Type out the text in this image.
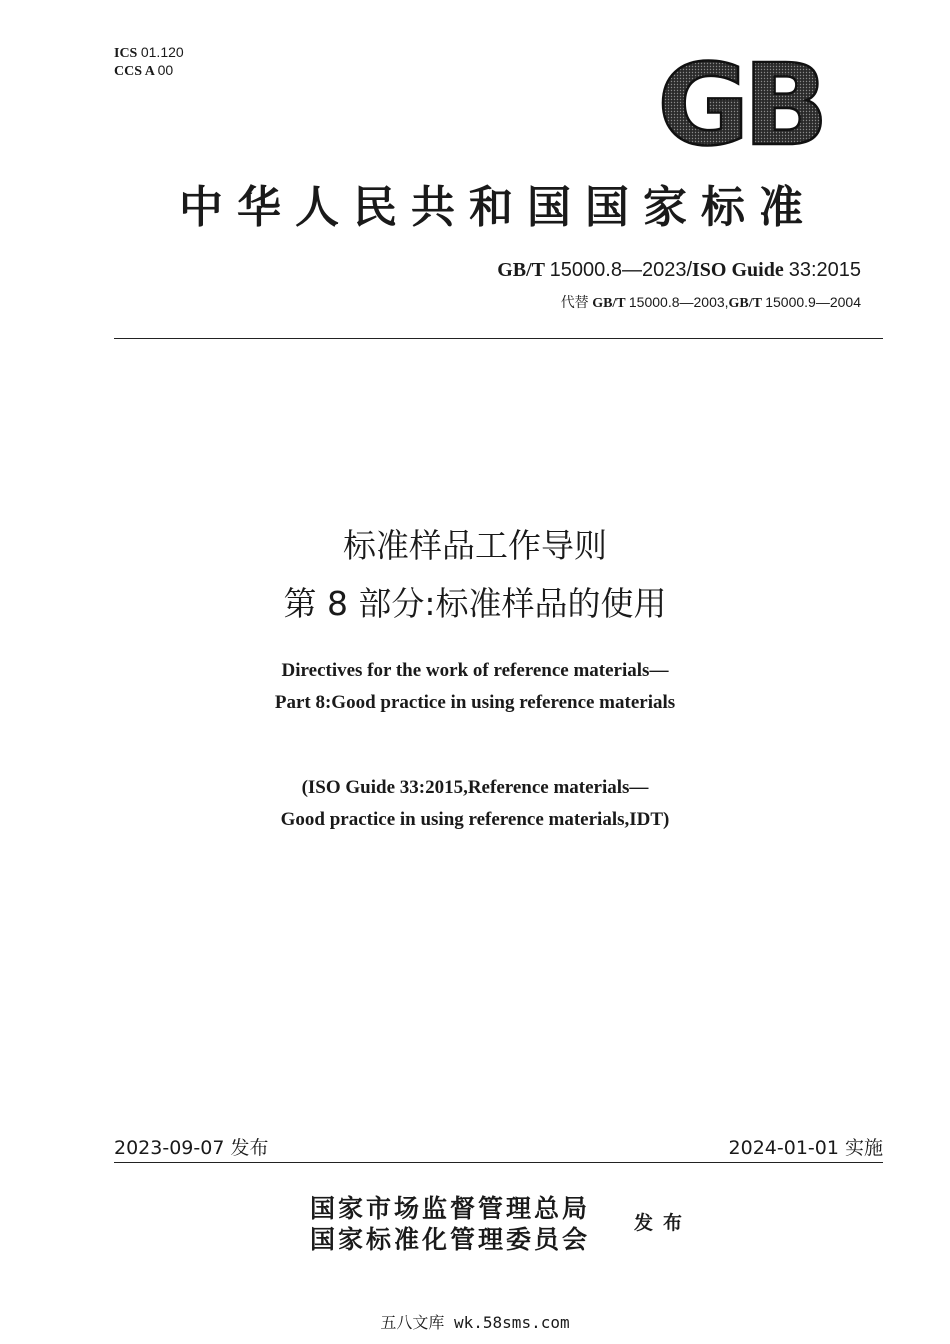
ICS 01.120
CCS A 00	GB
中华人民共和国国家标准
GB/T 15000.8—2023/ISO Guide 33:2015
代替 GB/T 15000.8—2003,GB/T 15000.9—2004
标准样品工作导则
第 8 部分:标准样品的使用
Directives for the work of reference materials—
Part 8:Good practice in using reference materials
(ISO Guide 33:2015,Reference materials—
Good practice in using reference materials,IDT)
2023-09-07 发布	2024-01-01 实施
国家市场监督管理总局
国家标准化管理委员会
发布
五八文库 wk.58sms.com
